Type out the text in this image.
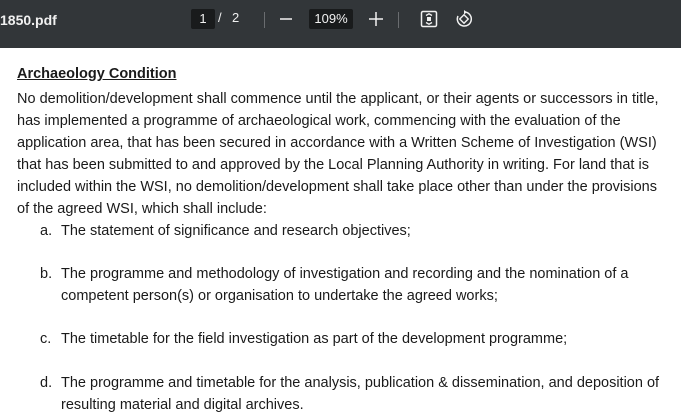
1850.pdf	1 / 2	109%
Archaeology Condition

No demolition/development shall commence until the applicant, or their agents or successors in title, has implemented a programme of archaeological work, commencing with the evaluation of the application area, that has been secured in accordance with a Written Scheme of Investigation (WSI) that has been submitted to and approved by the Local Planning Authority in writing. For land that is included within the WSI, no demolition/development shall take place other than under the provisions of the agreed WSI, which shall include:

a. The statement of significance and research objectives;
b. The programme and methodology of investigation and recording and the nomination of a competent person(s) or organisation to undertake the agreed works;
c. The timetable for the field investigation as part of the development programme;
d. The programme and timetable for the analysis, publication & dissemination, and deposition of resulting material and digital archives.
